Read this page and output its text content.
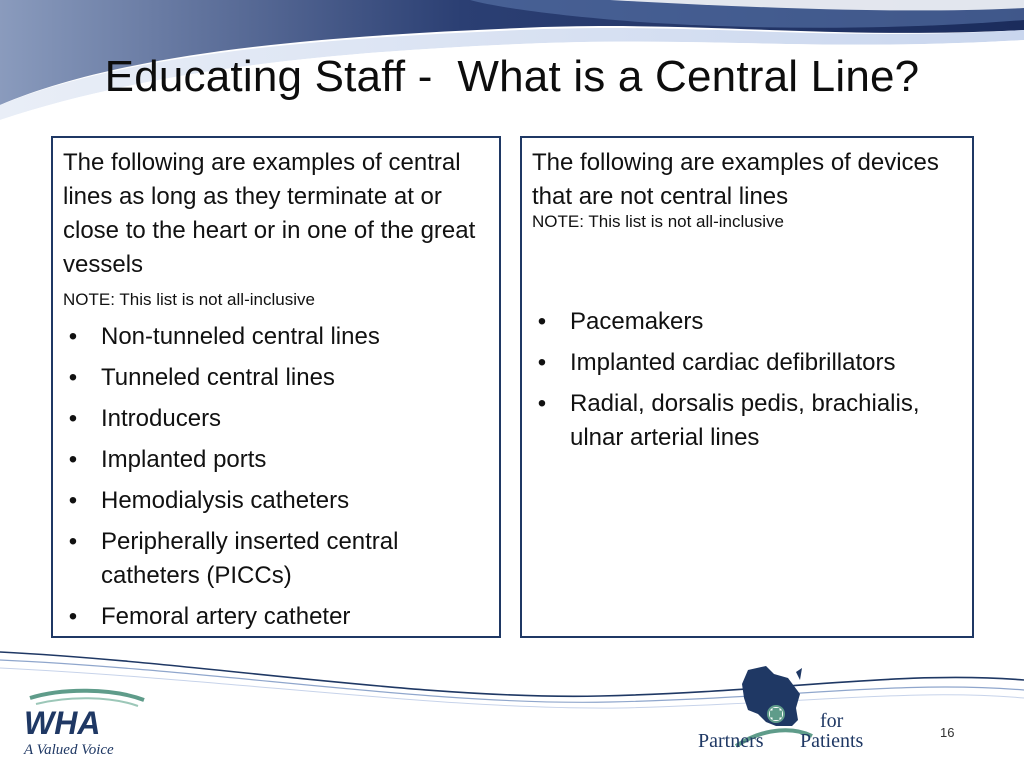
Educating Staff -  What is a Central Line?

The following are examples of central lines as long as they terminate at or close to the heart or in one of the great vessels

NOTE: This list is not all-inclusive

• Non-tunneled central lines
• Tunneled central lines
• Introducers
• Implanted ports
• Hemodialysis catheters
• Peripherally inserted central catheters (PICCs)
• Femoral artery catheter

The following are examples of devices that are not central lines

NOTE: This list is not all-inclusive

• Pacemakers
• Implanted cardiac defibrillators
• Radial, dorsalis pedis, brachialis, ulnar arterial lines
WHA
A Valued Voice	Partners
for
Patients	16
